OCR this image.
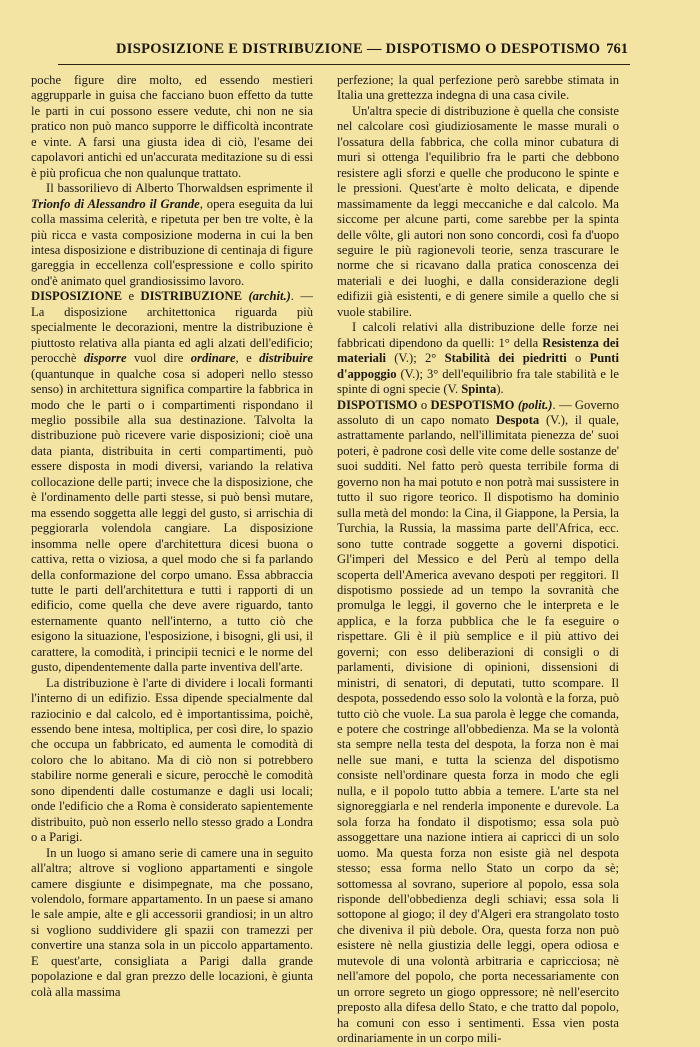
DISPOSIZIONE E DISTRIBUZIONE — DISPOTISMO O DESPOTISMO 761

poche figure dire molto, ed essendo mestieri aggrupparle in guisa che facciano buon effetto da tutte le parti in cui possono essere vedute, chi non ne sia pratico non può manco supporre le difficoltà incontrate e vinte. A farsi una giusta idea di ciò, l'esame dei capolavori antichi ed un'accurata meditazione su di essi è più proficua che non qualunque trattato.

Il bassorilievo di Alberto Thorwaldsen esprimente il Trionfo di Alessandro il Grande, opera eseguita da lui colla massima celerità, e ripetuta per ben tre volte, è la più ricca e vasta composizione moderna in cui la ben intesa disposizione e distribuzione di centinaja di figure gareggia in eccellenza coll'espressione e collo spirito ond'è animato quel grandiosissimo lavoro.

DISPOSIZIONE e DISTRIBUZIONE (archit.). — La disposizione architettonica riguarda più specialmente le decorazioni, mentre la distribuzione è piuttosto relativa alla pianta ed agli alzati dell'edificio; perocchè disporre vuol dire ordinare, e distribuire (quantunque in qualche cosa si adoperi nello stesso senso) in architettura significa compartire la fabbrica in modo che le parti o i compartimenti rispondano il meglio possibile alla sua destinazione. Talvolta la distribuzione può ricevere varie disposizioni; cioè una data pianta, distribuita in certi compartimenti, può essere disposta in modi diversi, variando la relativa collocazione delle parti; invece che la disposizione, che è l'ordinamento delle parti stesse, si può bensì mutare, ma essendo soggetta alle leggi del gusto, si arrischia di peggiorarla volendola cangiare. La disposizione insomma nelle opere d'architettura dicesi buona o cattiva, retta o viziosa, a quel modo che si fa parlando della conformazione del corpo umano. Essa abbraccia tutte le parti dell'architettura e tutti i rapporti di un edificio, come quella che deve avere riguardo, tanto esternamente quanto nell'interno, a tutto ciò che esigono la situazione, l'esposizione, i bisogni, gli usi, il carattere, la comodità, i principii tecnici e le norme del gusto, dipendentemente dalla parte inventiva dell'arte.

La distribuzione è l'arte di dividere i locali formanti l'interno di un edifizio. Essa dipende specialmente dal raziocinio e dal calcolo, ed è importantissima, poichè, essendo bene intesa, moltiplica, per così dire, lo spazio che occupa un fabbricato, ed aumenta le comodità di coloro che lo abitano. Ma di ciò non si potrebbero stabilire norme generali e sicure, perocchè le comodità sono dipendenti dalle costumanze e dagli usi locali; onde l'edificio che a Roma è considerato sapientemente distribuito, può non esserlo nello stesso grado a Londra o a Parigi.

In un luogo si amano serie di camere una in seguito all'altra; altrove si vogliono appartamenti e singole camere disgiunte e disimpegnate, ma che possano, volendolo, formare appartamento. In un paese si amano le sale ampie, alte e gli accessorii grandiosi; in un altro si vogliono suddividere gli spazii con tramezzi per convertire una stanza sola in un piccolo appartamento. E quest'arte, consigliata a Parigi dalla grande popolazione e dal gran prezzo delle locazioni, è giunta colà alla massima

perfezione; la qual perfezione però sarebbe stimata in Italia una grettezza indegna di una casa civile.

Un'altra specie di distribuzione è quella che consiste nel calcolare così giudiziosamente le masse murali o l'ossatura della fabbrica, che colla minor cubatura di muri si ottenga l'equilibrio fra le parti che debbono resistere agli sforzi e quelle che producono le spinte e le pressioni. Quest'arte è molto delicata, e dipende massimamente da leggi meccaniche e dal calcolo. Ma siccome per alcune parti, come sarebbe per la spinta delle vôlte, gli autori non sono concordi, così fa d'uopo seguire le più ragionevoli teorie, senza trascurare le norme che si ricavano dalla pratica conoscenza dei materiali e dei luoghi, e dalla considerazione degli edifizii già esistenti, e di genere simile a quello che si vuole stabilire.

I calcoli relativi alla distribuzione delle forze nei fabbricati dipendono da quelli: 1° della Resistenza dei materiali (V.); 2° Stabilità dei piedritti o Punti d'appoggio (V.); 3° dell'equilibrio fra tale stabilità e le spinte di ogni specie (V. Spinta).

DISPOTISMO o DESPOTISMO (polit.). — Governo assoluto di un capo nomato Despota (V.), il quale, astrattamente parlando, nell'illimitata pienezza de' suoi poteri, è padrone così delle vite come delle sostanze de' suoi sudditi. Nel fatto però questa terribile forma di governo non ha mai potuto e non potrà mai sussistere in tutto il suo rigore teorico. Il dispotismo ha dominio sulla metà del mondo: la Cina, il Giappone, la Persia, la Turchia, la Russia, la massima parte dell'Africa, ecc. sono tutte contrade soggette a governi dispotici. Gl'imperi del Messico e del Perù al tempo della scoperta dell'America avevano despoti per reggitori. Il dispotismo possiede ad un tempo la sovranità che promulga le leggi, il governo che le interpreta e le applica, e la forza pubblica che le fa eseguire o rispettare. Gli è il più semplice e il più attivo dei governi; con esso deliberazioni di consigli o di parlamenti, divisione di opinioni, dissensioni di ministri, di senatori, di deputati, tutto scompare. Il despota, possedendo esso solo la volontà e la forza, può tutto ciò che vuole. La sua parola è legge che comanda, e potere che costringe all'obbedienza. Ma se la volontà sta sempre nella testa del despota, la forza non è mai nelle sue mani, e tutta la scienza del dispotismo consiste nell'ordinare questa forza in modo che egli nulla, e il popolo tutto abbia a temere. L'arte sta nel signoreggiarla e nel renderla imponente e durevole. La sola forza ha fondato il dispotismo; essa sola può assoggettare una nazione intiera ai capricci di un solo uomo. Ma questa forza non esiste già nel despota stesso; essa forma nello Stato un corpo da sè; sottomessa al sovrano, superiore al popolo, essa sola risponde dell'obbedienza degli schiavi; essa sola li sottopone al giogo; il dey d'Algeri era strangolato tosto che diveniva il più debole. Ora, questa forza non può esistere nè nella giustizia delle leggi, opera odiosa e mutevole di una volontà arbitraria e capricciosa; nè nell'amore del popolo, che porta necessariamente con un orrore segreto un giogo oppressore; nè nell'esercito preposto alla difesa dello Stato, e che tratto dal popolo, ha comuni con esso i sentimenti. Essa vien posta ordinariamente in un corpo mili-
